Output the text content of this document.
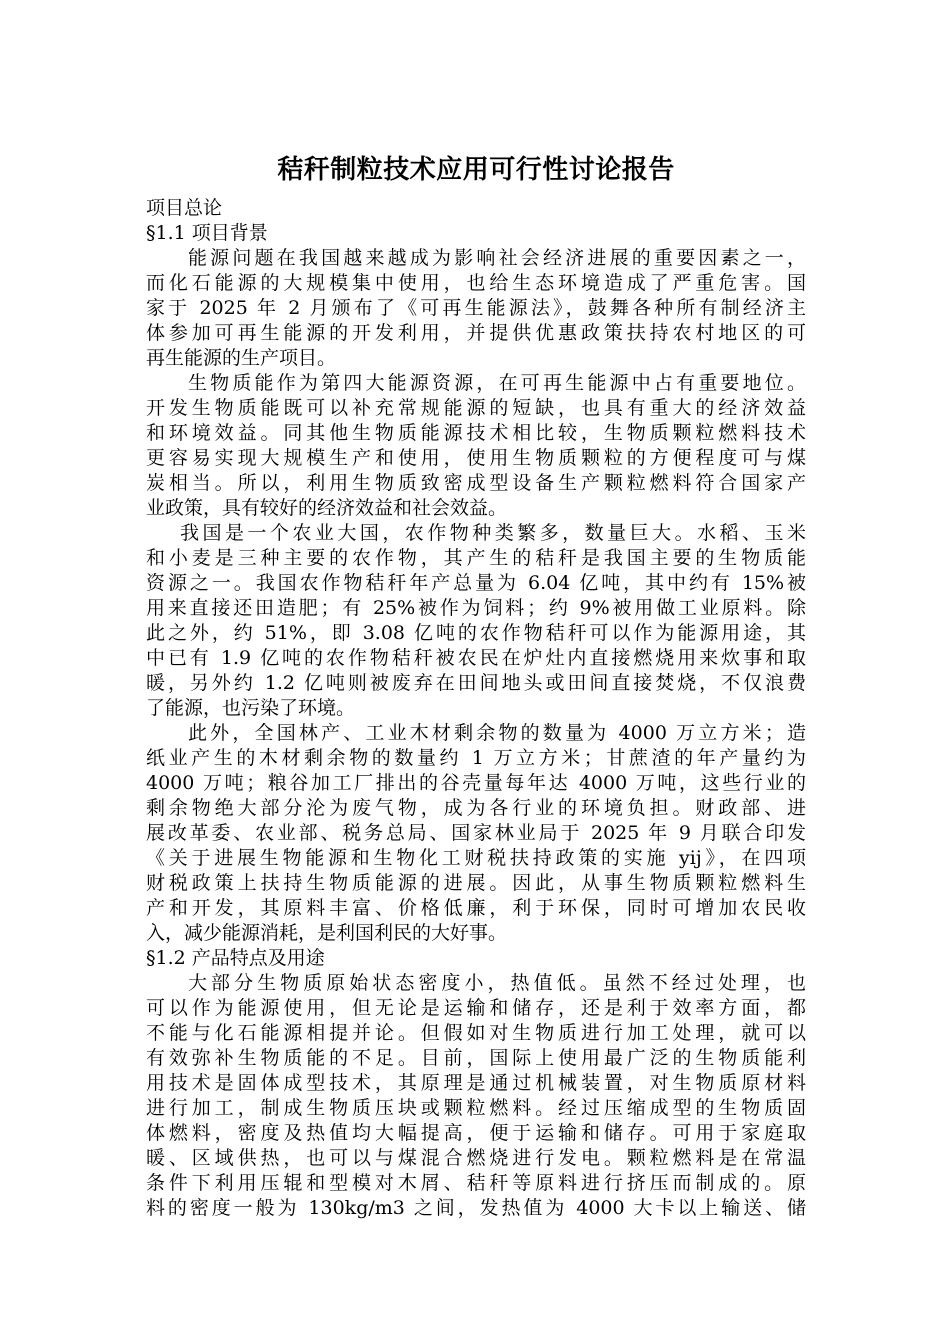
秸秆制粒技术应用可行性讨论报告

项目总论

§1.1 项目背景

能源问题在我国越来越成为影响社会经济进展的重要因素之一，
而化石能源的大规模集中使用，也给生态环境造成了严重危害。国
家于 2025 年 2 月颁布了《可再生能源法》，鼓舞各种所有制经济主
体参加可再生能源的开发利用，并提供优惠政策扶持农村地区的可
再生能源的生产项目。
生物质能作为第四大能源资源，在可再生能源中占有重要地位。
开发生物质能既可以补充常规能源的短缺，也具有重大的经济效益
和环境效益。同其他生物质能源技术相比较，生物质颗粒燃料技术
更容易实现大规模生产和使用，使用生物质颗粒的方便程度可与煤
炭相当。所以，利用生物质致密成型设备生产颗粒燃料符合国家产
业政策，具有较好的经济效益和社会效益。
我国是一个农业大国，农作物种类繁多，数量巨大。水稻、玉米
和小麦是三种主要的农作物，其产生的秸秆是我国主要的生物质能
资源之一。我国农作物秸秆年产总量为 6.04 亿吨，其中约有 15%被
用来直接还田造肥；有 25%被作为饲料；约 9%被用做工业原料。除
此之外，约 51%，即 3.08 亿吨的农作物秸秆可以作为能源用途，其
中已有 1.9 亿吨的农作物秸秆被农民在炉灶内直接燃烧用来炊事和取
暖，另外约 1.2 亿吨则被废弃在田间地头或田间直接焚烧，不仅浪费
了能源，也污染了环境。
此外，全国林产、工业木材剩余物的数量为 4000 万立方米；造
纸业产生的木材剩余物的数量约 1 万立方米；甘蔗渣的年产量约为
4000 万吨；粮谷加工厂排出的谷壳量每年达 4000 万吨，这些行业的
剩余物绝大部分沦为废气物，成为各行业的环境负担。财政部、进
展改革委、农业部、税务总局、国家林业局于 2025 年 9 月联合印发
《关于进展生物能源和生物化工财税扶持政策的实施 yij》，在四项
财税政策上扶持生物质能源的进展。因此，从事生物质颗粒燃料生
产和开发，其原料丰富、价格低廉，利于环保，同时可增加农民收
入，减少能源消耗，是利国利民的大好事。

§1.2 产品特点及用途

大部分生物质原始状态密度小，热值低。虽然不经过处理，也
可以作为能源使用，但无论是运输和储存，还是利于效率方面，都
不能与化石能源相提并论。但假如对生物质进行加工处理，就可以
有效弥补生物质能的不足。目前，国际上使用最广泛的生物质能利
用技术是固体成型技术，其原理是通过机械装置，对生物质原材料
进行加工，制成生物质压块或颗粒燃料。经过压缩成型的生物质固
体燃料，密度及热值均大幅提高，便于运输和储存。可用于家庭取
暖、区域供热，也可以与煤混合燃烧进行发电。颗粒燃料是在常温
条件下利用压辊和型模对木屑、秸秆等原料进行挤压而制成的。原
料的密度一般为 130kg/m3 之间，发热值为 4000 大卡以上输送、储
